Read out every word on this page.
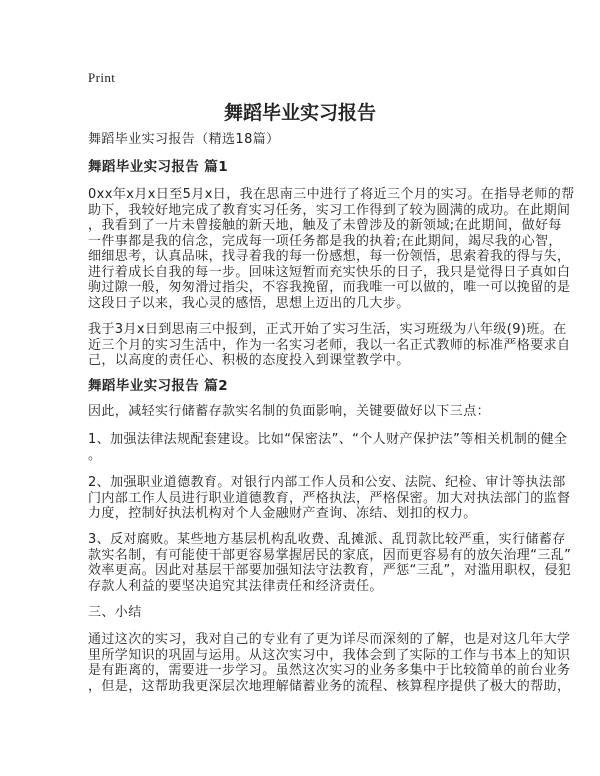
Print
舞蹈毕业实习报告
舞蹈毕业实习报告（精选18篇）
舞蹈毕业实习报告 篇1
0xx年x月x日至5月x日，我在思南三中进行了将近三个月的实习。在指导老师的帮
助下，我较好地完成了教育实习任务，实习工作得到了较为圆满的成功。在此期间
，我看到了一片未曾接触的新天地，触及了未曾涉及的新领域;在此期间，做好每
一件事都是我的信念，完成每一项任务都是我的执着;在此期间，竭尽我的心智，
细细思考，认真品味，找寻着我的每一份感想，每一份领悟，思索着我的得与失，
进行着成长自我的每一步。回味这短暂而充实快乐的日子，我只是觉得日子真如白
驹过隙一般，匆匆滑过指尖，不容我挽留，而我唯一可以做的，唯一可以挽留的是
这段日子以来，我心灵的感悟，思想上迈出的几大步。
我于3月x日到思南三中报到，正式开始了实习生活，实习班级为八年级(9)班。在
近三个月的实习生活中，作为一名实习老师，我以一名正式教师的标准严格要求自
己，以高度的责任心、积极的态度投入到课堂教学中。
舞蹈毕业实习报告 篇2
因此，减轻实行储蓄存款实名制的负面影响，关键要做好以下三点：
1、加强法律法规配套建设。比如“保密法”、“个人财产保护法”等相关机制的健全
。
2、加强职业道德教育。对银行内部工作人员和公安、法院、纪检、审计等执法部
门内部工作人员进行职业道德教育，严格执法，严格保密。加大对执法部门的监督
力度，控制好执法机构对个人金融财产查询、冻结、划扣的权力。
3、反对腐败。某些地方基层机构乱收费、乱摊派、乱罚款比较严重，实行储蓄存
款实名制，有可能使干部更容易掌握居民的家底，因而更容易有的放矢治理“三乱”
效率更高。因此对基层干部要加强知法守法教育，严惩“三乱”，对滥用职权，侵犯
存款人利益的要坚决追究其法律责任和经济责任。
三、小结
通过这次的实习，我对自己的专业有了更为详尽而深刻的了解，也是对这几年大学
里所学知识的巩固与运用。从这次实习中，我体会到了实际的工作与书本上的知识
是有距离的，需要进一步学习。虽然这次实习的业务多集中于比较简单的前台业务
，但是，这帮助我更深层次地理解储蓄业务的流程、核算程序提供了极大的帮助，
